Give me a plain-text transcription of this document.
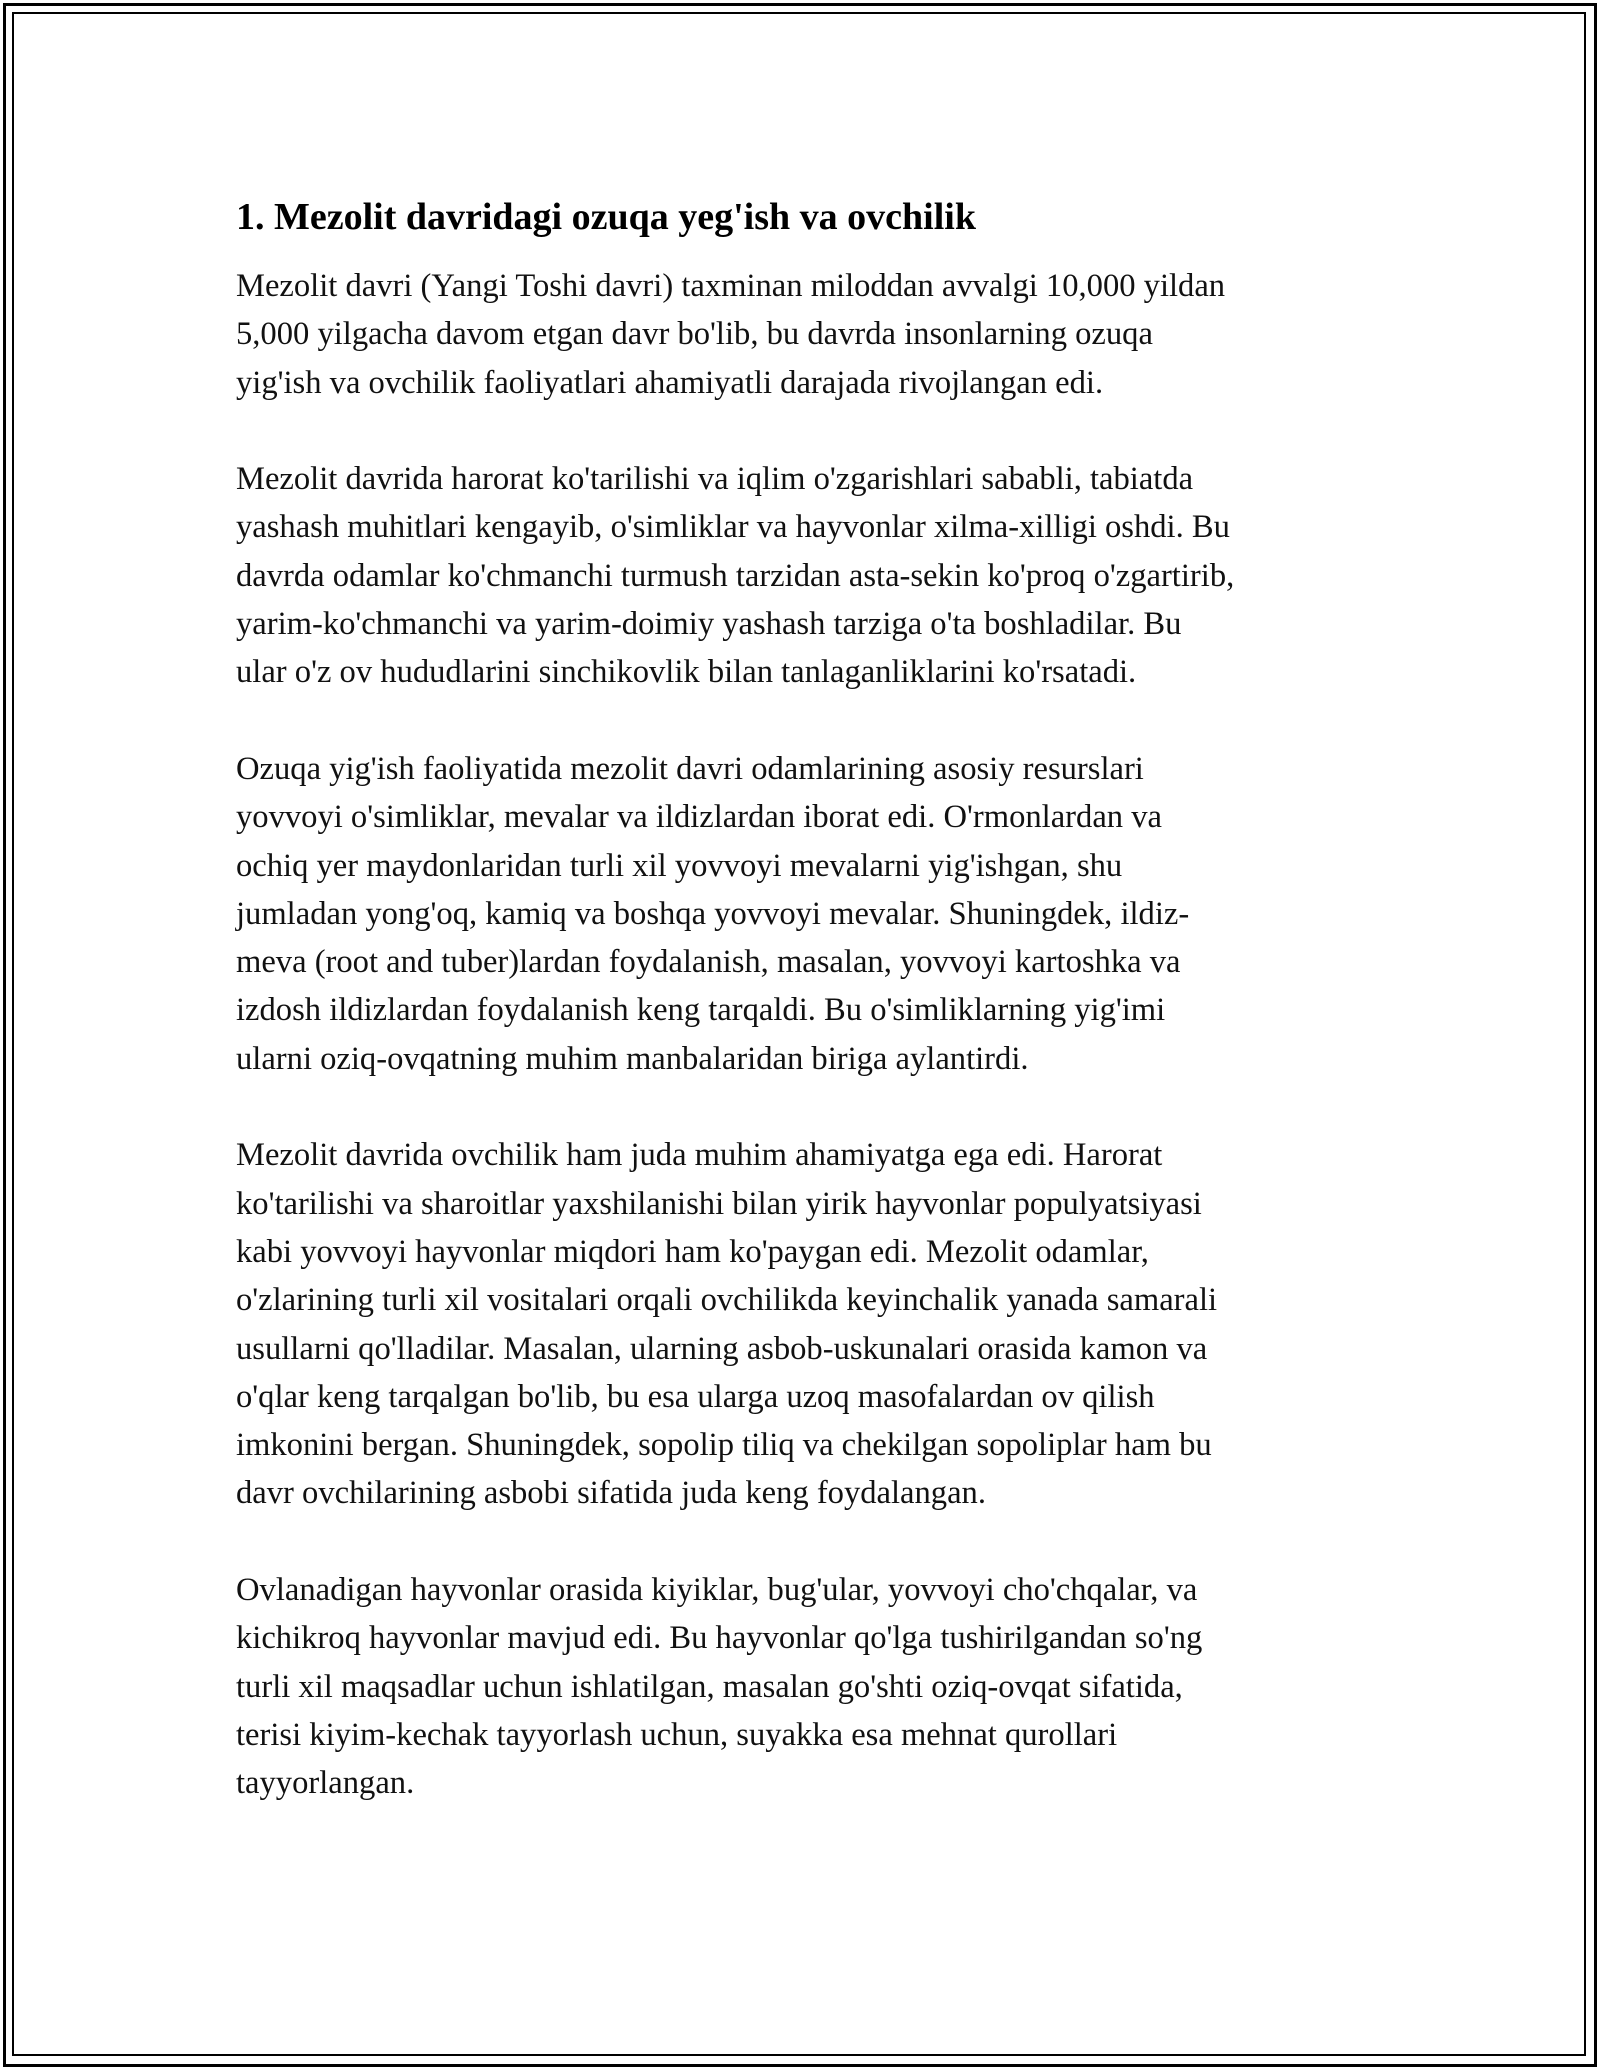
1. Mezolit davridagi ozuqa yeg'ish va ovchilik

Mezolit davri (Yangi Toshi davri) taxminan miloddan avvalgi 10,000 yildan
5,000 yilgacha davom etgan davr bo'lib, bu davrda insonlarning ozuqa
yig'ish va ovchilik faoliyatlari ahamiyatli darajada rivojlangan edi.

Mezolit davrida harorat ko'tarilishi va iqlim o'zgarishlari sababli, tabiatda
yashash muhitlari kengayib, o'simliklar va hayvonlar xilma-xilligi oshdi. Bu
davrda odamlar ko'chmanchi turmush tarzidan asta-sekin ko'proq o'zgartirib,
yarim-ko'chmanchi va yarim-doimiy yashash tarziga o'ta boshladilar. Bu
ular o'z ov hududlarini sinchikovlik bilan tanlaganliklarini ko'rsatadi.

Ozuqa yig'ish faoliyatida mezolit davri odamlarining asosiy resurslari
yovvoyi o'simliklar, mevalar va ildizlardan iborat edi. O'rmonlardan va
ochiq yer maydonlaridan turli xil yovvoyi mevalarni yig'ishgan, shu
jumladan yong'oq, kamiq va boshqa yovvoyi mevalar. Shuningdek, ildiz-
meva (root and tuber)lardan foydalanish, masalan, yovvoyi kartoshka va
izdosh ildizlardan foydalanish keng tarqaldi. Bu o'simliklarning yig'imi
ularni oziq-ovqatning muhim manbalaridan biriga aylantirdi.

Mezolit davrida ovchilik ham juda muhim ahamiyatga ega edi. Harorat
ko'tarilishi va sharoitlar yaxshilanishi bilan yirik hayvonlar populyatsiyasi
kabi yovvoyi hayvonlar miqdori ham ko'paygan edi. Mezolit odamlar,
o'zlarining turli xil vositalari orqali ovchilikda keyinchalik yanada samarali
usullarni qo'lladilar. Masalan, ularning asbob-uskunalari orasida kamon va
o'qlar keng tarqalgan bo'lib, bu esa ularga uzoq masofalardan ov qilish
imkonini bergan. Shuningdek, sopolip tiliq va chekilgan sopoliplar ham bu
davr ovchilarining asbobi sifatida juda keng foydalangan.

Ovlanadigan hayvonlar orasida kiyiklar, bug'ular, yovvoyi cho'chqalar, va
kichikroq hayvonlar mavjud edi. Bu hayvonlar qo'lga tushirilgandan so'ng
turli xil maqsadlar uchun ishlatilgan, masalan go'shti oziq-ovqat sifatida,
terisi kiyim-kechak tayyorlash uchun, suyakka esa mehnat qurollari
tayyorlangan.
